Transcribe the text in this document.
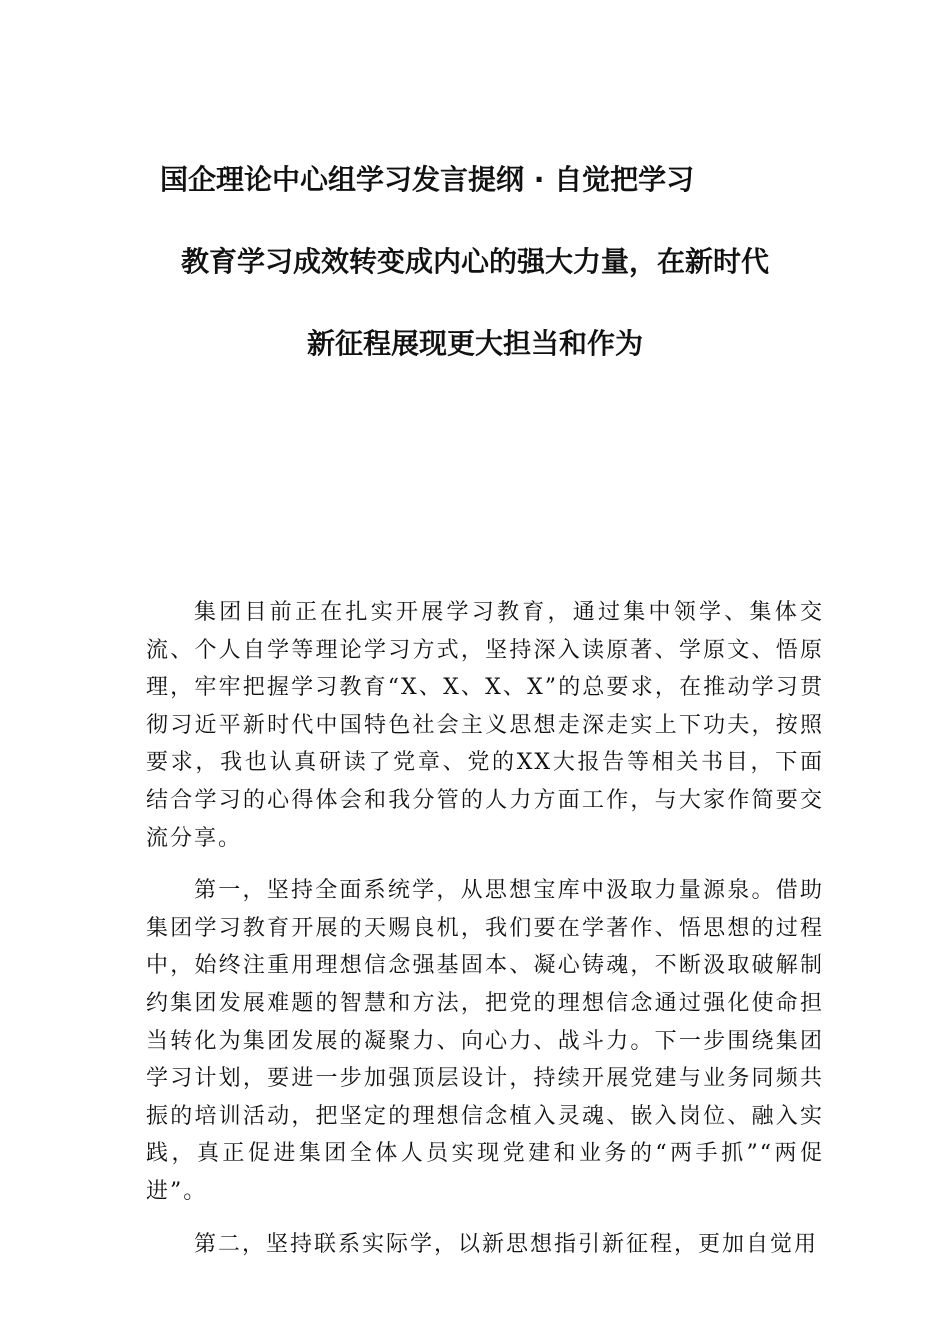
国企理论中心组学习发言提纲 · 自觉把学习
教育学习成效转变成内心的强大力量，在新时代
新征程展现更大担当和作为

集团目前正在扎实开展学习教育，通过集中领学、集体交流、个人自学等理论学习方式，坚持深入读原著、学原文、悟原理，牢牢把握学习教育“X、X、X、X”的总要求，在推动学习贯彻习近平新时代中国特色社会主义思想走深走实上下功夫，按照要求，我也认真研读了党章、党的XX大报告等相关书目，下面结合学习的心得体会和我分管的人力方面工作，与大家作简要交流分享。

第一，坚持全面系统学，从思想宝库中汲取力量源泉。借助集团学习教育开展的天赐良机，我们要在学著作、悟思想的过程中，始终注重用理想信念强基固本、凝心铸魂，不断汲取破解制约集团发展难题的智慧和方法，把党的理想信念通过强化使命担当转化为集团发展的凝聚力、向心力、战斗力。下一步围绕集团学习计划，要进一步加强顶层设计，持续开展党建与业务同频共振的培训活动，把坚定的理想信念植入灵魂、嵌入岗位、融入实践，真正促进集团全体人员实现党建和业务的“两手抓”“两促进”。

第二，坚持联系实际学，以新思想指引新征程，更加自觉用
